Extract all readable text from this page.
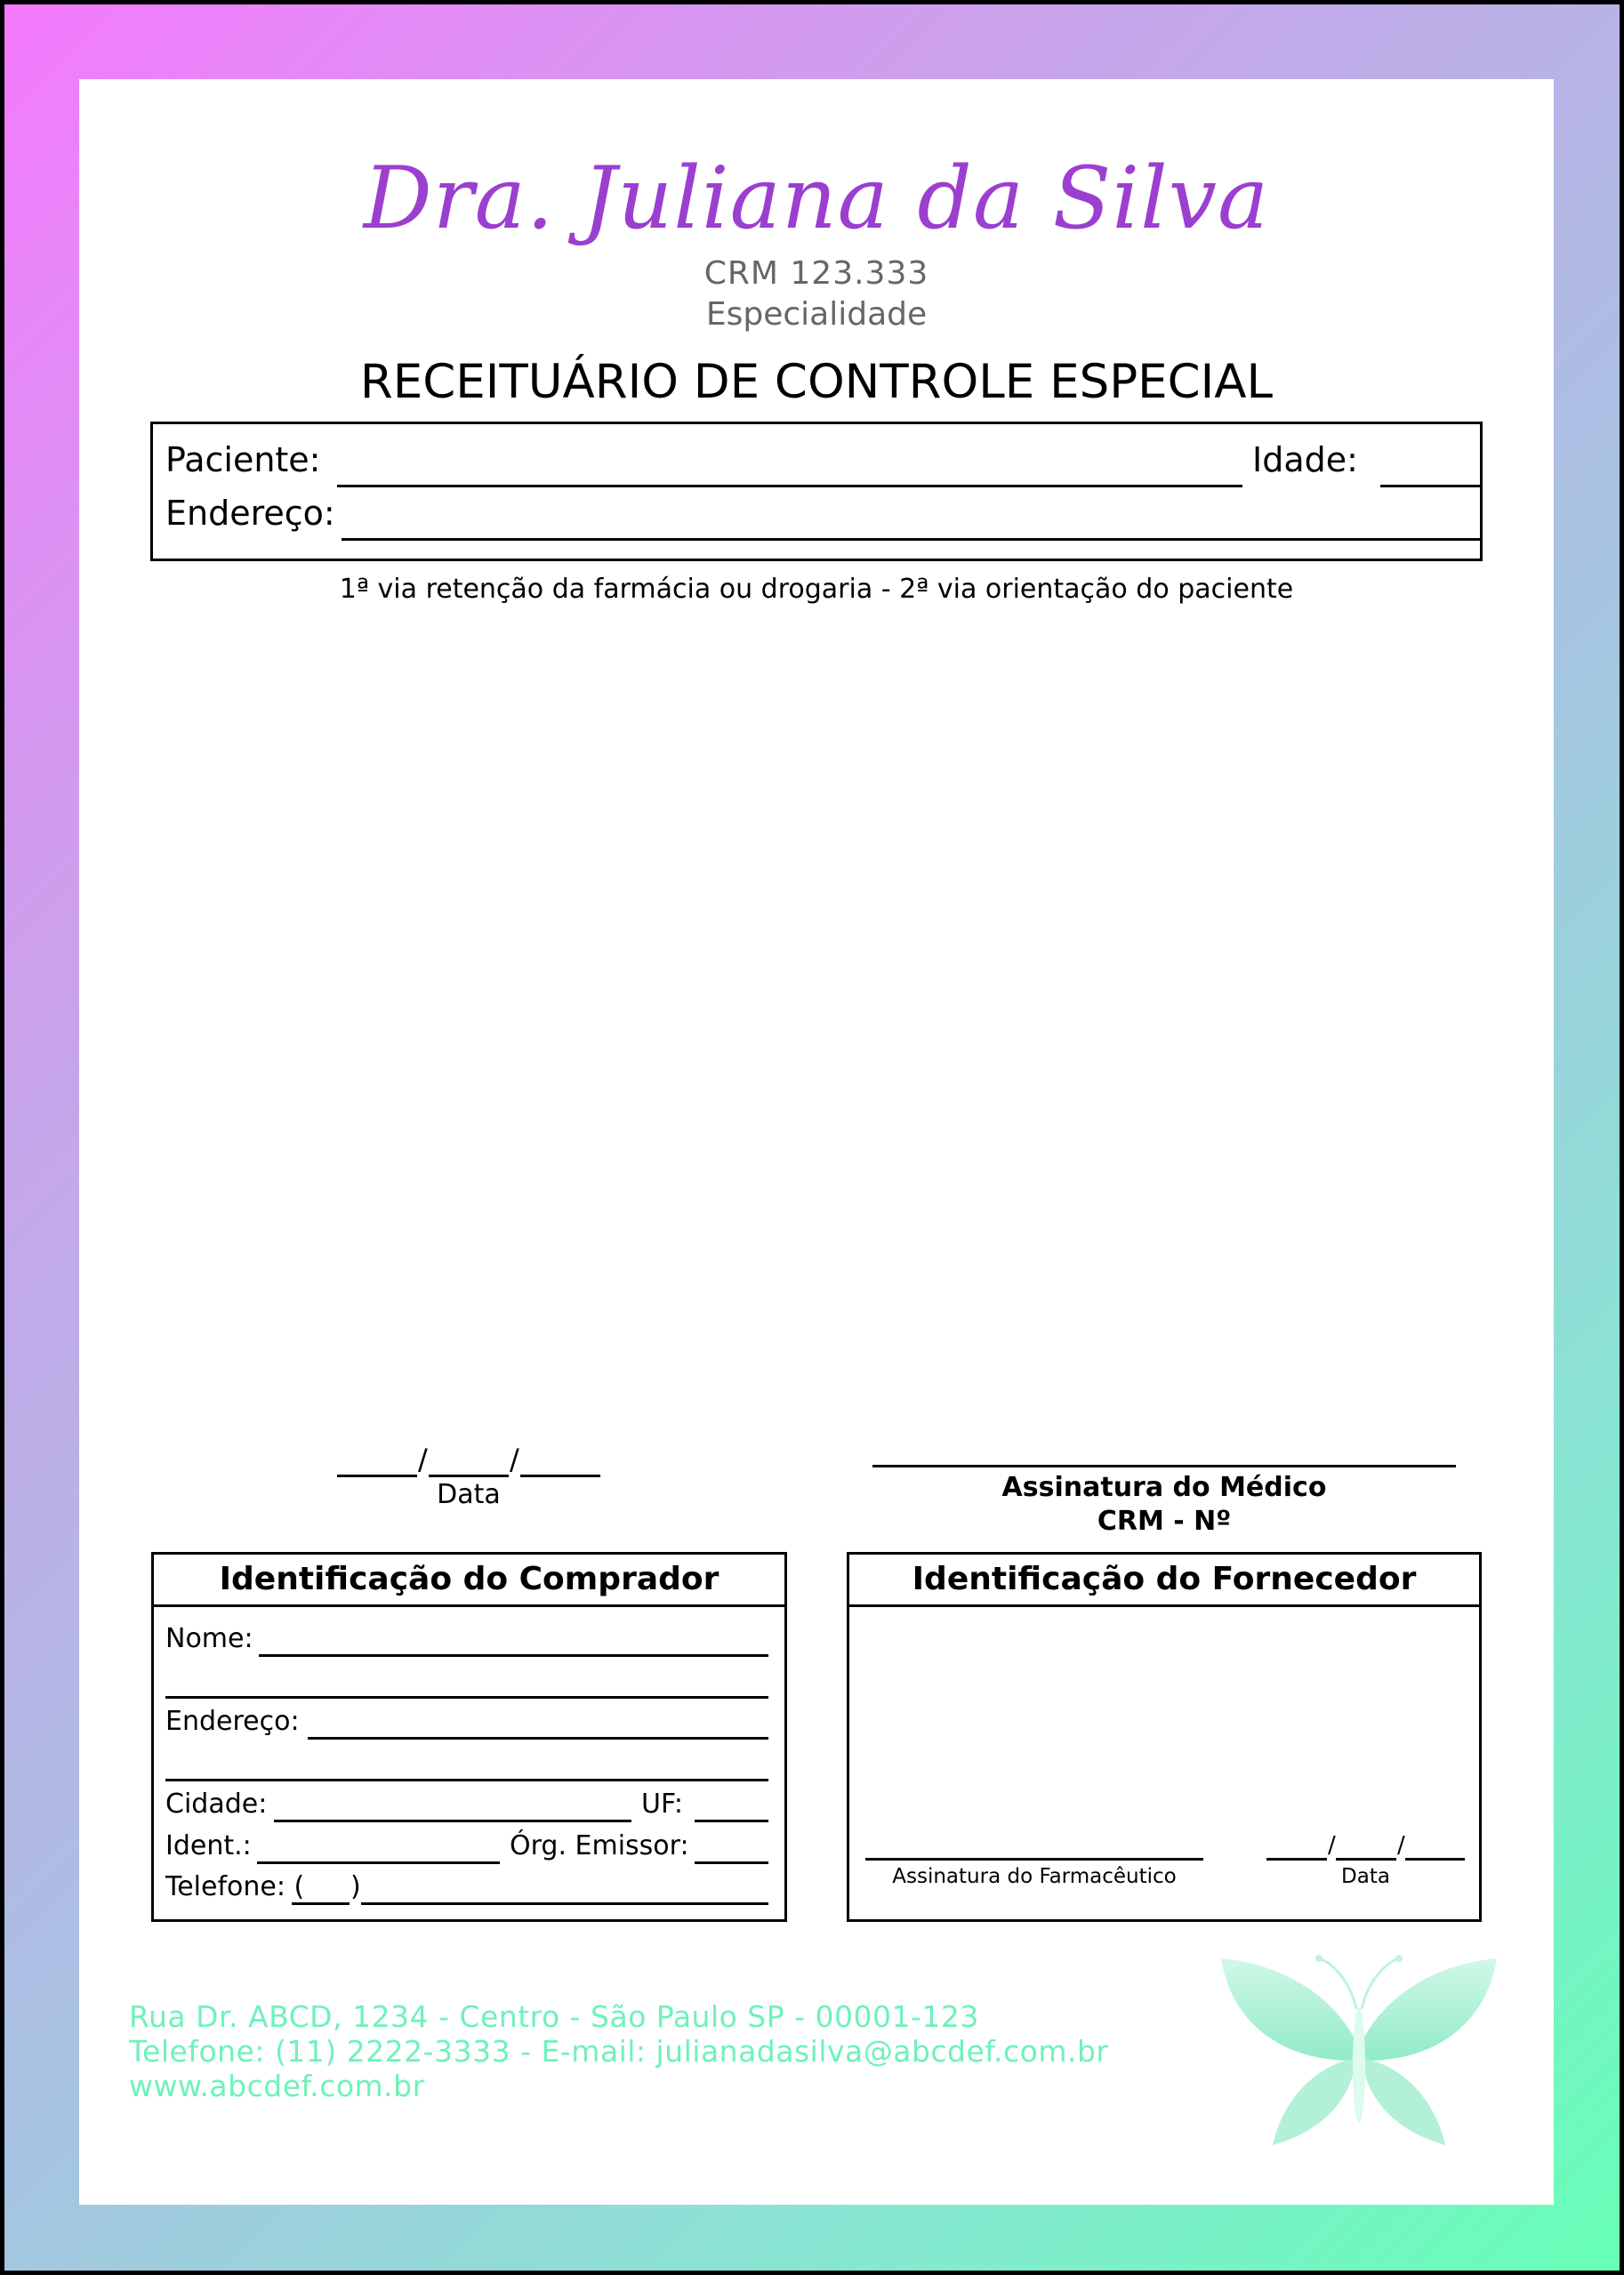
Dra. Juliana da Silva
CRM 123.333
Especialidade
RECEITUÁRIO DE CONTROLE ESPECIAL
Paciente:	Idade:
Endereço:
1ª via retenção da farmácia ou drogaria - 2ª via orientação do paciente
/	/
Data	Assinatura do Médico
CRM - Nº
Identificação do Comprador
Nome:
Endereço:
Cidade:	UF:
Ident.:	Órg. Emissor:
Telefone: ( )
Identificação do Fornecedor
Assinatura do Farmacêutico
/	/
Data
Rua Dr. ABCD, 1234 - Centro - São Paulo SP - 00001-123
Telefone: (11) 2222-3333 - E-mail: julianadasilva@abcdef.com.br
www.abcdef.com.br
